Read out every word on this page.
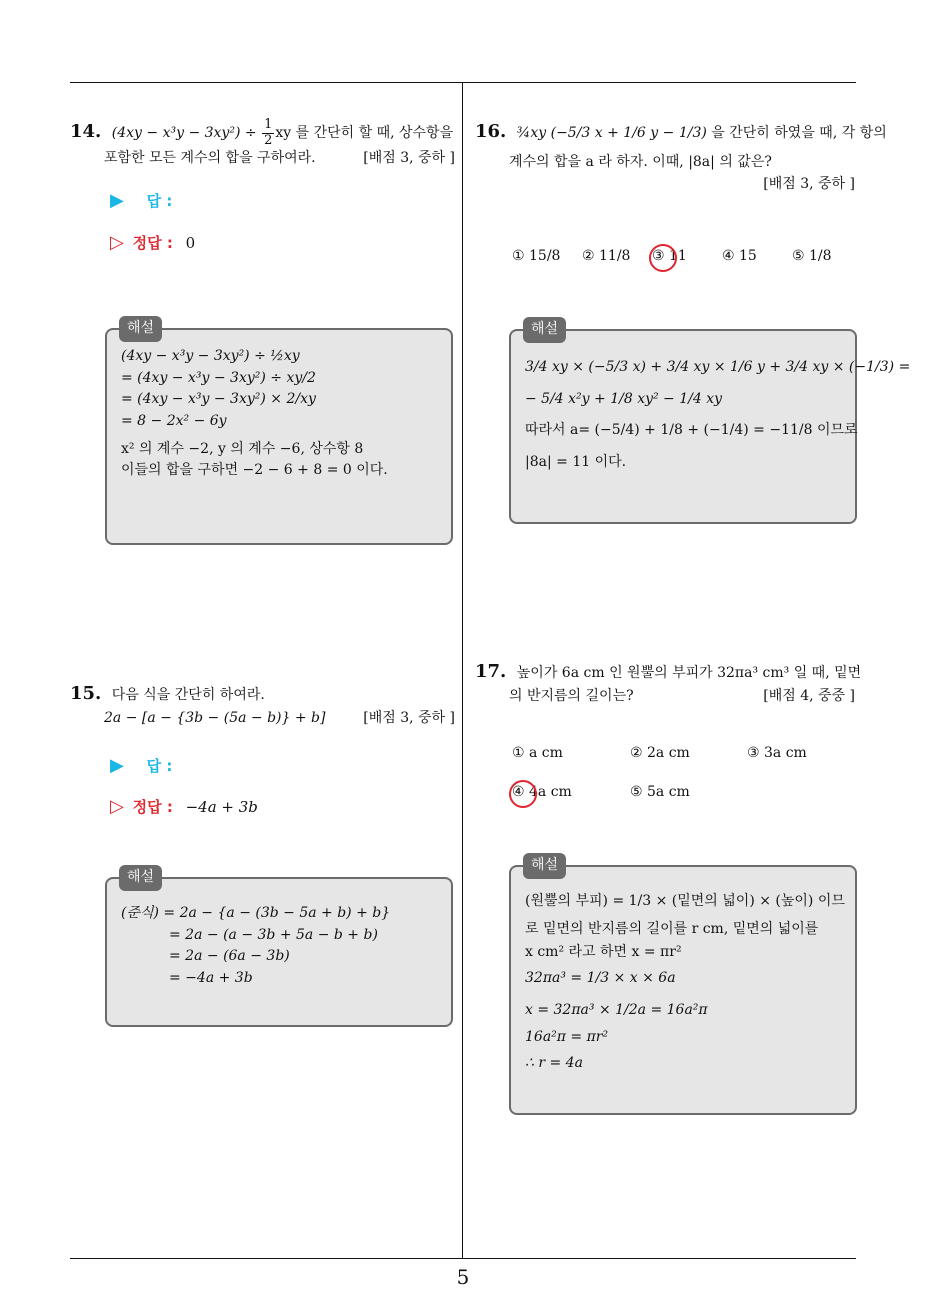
5
14. $(4xy - x^3y - 3xy^2) \div \frac{1}{2}$ xy 를 간단히 할 때, 상수항을
포함한 모든 계수의 합을 구하여라.	[배점 3, 중하 ]
▶ 답 :
▷ 정답 : 0
해설
(4xy − x³y − 3xy²) ÷ ½xy
= (4xy − x³y − 3xy²) ÷ xy/2
= (4xy − x³y − 3xy²) × 2/xy
= 8 − 2x² − 6y
x² 의 계수 −2, y 의 계수 −6, 상수항 8
이들의 합을 구하면 −2 − 6 + 8 = 0 이다.
15. 다음 식을 간단히 하여라.
2a − [a − {3b − (5a − b)} + b]	[배점 3, 중하 ]
▶ 답 :
▷ 정답 : −4a + 3b
해설
(준식) = 2a − {a − (3b − 5a + b) + b}
= 2a − (a − 3b + 5a − b + b)
= 2a − (6a − 3b)
= −4a + 3b
16. ¾xy (−5/3 x + 1/6 y − 1/3) 을 간단히 하였을 때, 각 항의
계수의 합을 a 라 하자. 이때, |8a| 의 값은?
[배점 3, 중하 ]
① 15/8 ② 11/8 ③ 11	④ 15	⑤ 1/8
해설
3/4 xy × (−5/3 x) + 3/4 xy × 1/6 y + 3/4 xy × (−1/3) =
− 5/4 x²y + 1/8 xy² − 1/4 xy
따라서 a= (−5/4) + 1/8 + (−1/4) = −11/8 이므로
|8a| = 11 이다.
17. 높이가 6a cm 인 원뿔의 부피가 32πa³ cm³ 일 때, 밑면
의 반지름의 길이는?	[배점 4, 중중 ]
① a cm	② 2a cm	③ 3a cm
④ 4a cm	⑤ 5a cm
해설
(원뿔의 부피) = 1/3 × (밑면의 넓이) × (높이) 이므
로 밑면의 반지름의 길이를 r cm, 밑면의 넓이를
x cm² 라고 하면 x = πr²
32πa³ = 1/3 × x × 6a
x = 32πa³ × 1/2a = 16a²π
16a²π = πr²
∴ r = 4a
